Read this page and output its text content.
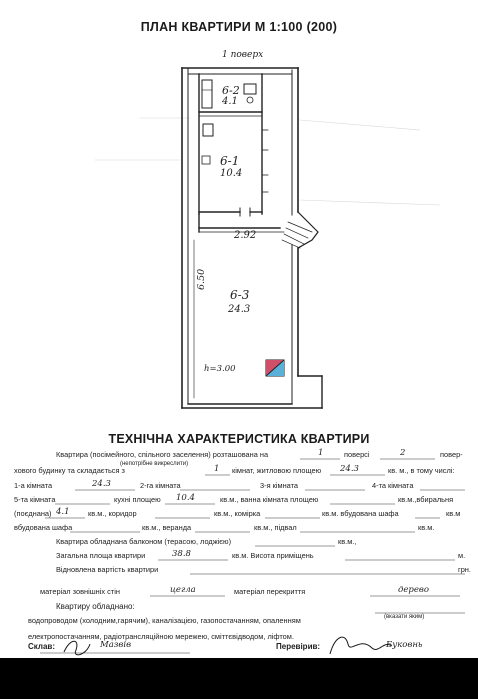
ПЛАН КВАРТИРИ М 1:100 (200)
1 поверх
6-2
4.1
6-1
10.4
2.92
6.50
6-3
24.3
h=3.00
ТЕХНІЧНА ХАРАКТЕРИСТИКА КВАРТИРИ
Квартира (посімейного, спільного заселення) розташована на	1	поверсі	2	повер-
(непотрібне викреслити)
хового будинку та складається з	1 кімнат, житловою площею 24.3	кв. м., в тому числі:
1-а кімната	24.3	2-га кімната	3-я кімната	4-та кімната
5-та кімната	кухні площею 10.4	кв.м., ванна кімната площею	кв.м.,вбиральня
(поєднана) 4.1 кв.м., коридор	кв.м., комірка	кв.м. вбудована шафа	кв.м
вбудована шафа	кв.м., веранда	кв.м., підвал	кв.м.
Квартира обладнана балконом (терасою, лоджією)	кв.м.,
Загальна площа квартири	38.8	кв.м. Висота приміщень	м.
Відновлена вартість квартири	грн.
матеріал зовнішніх стін	цегла	матеріал перекриття	дерево
Квартиру обладнано:
(вказати яким)
водопроводом (холодним,гарячим), каналізацією, газопостачанням, опаленням
електропостачанням, радіотрансляційною мережею, сміттєвідводом, ліфтом.
Склав:	Мазвів	Перевірив:	Буковнь
